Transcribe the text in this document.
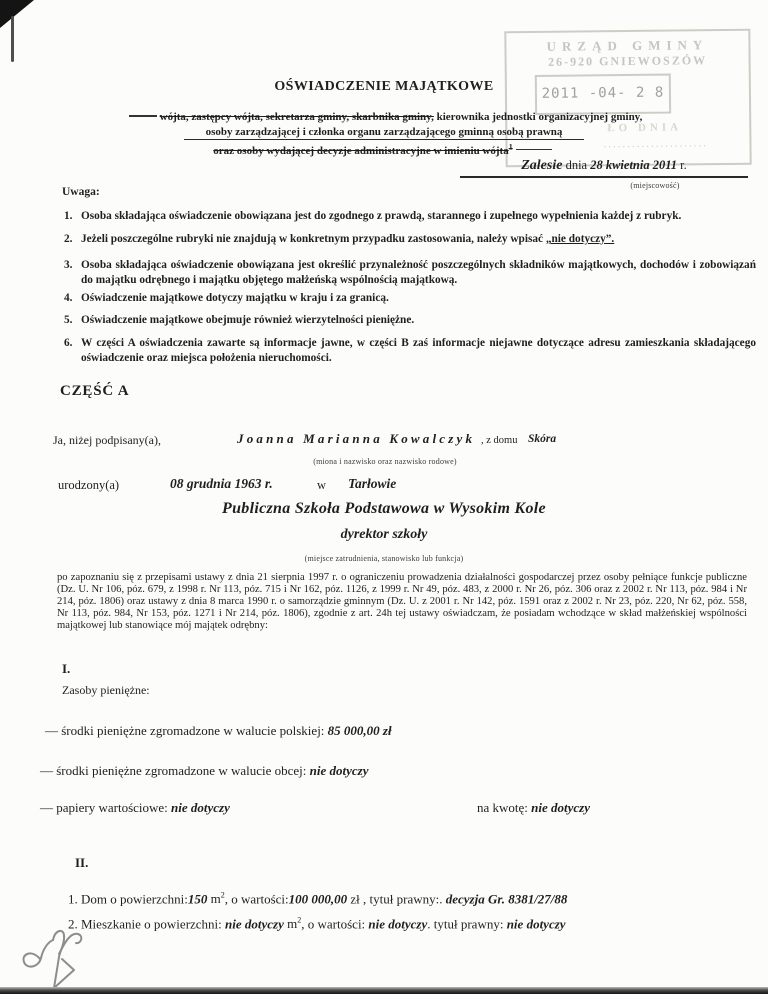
URZĄD GMINY
26-920 GNIEWOSZÓW
2011 -04- 2 8
ŁO DNIA
......................
OŚWIADCZENIE MAJĄTKOWE
wójta, zastępcy wójta, sekretarza gminy, skarbnika gminy, kierownika jednostki organizacyjnej gminy,
osoby zarządzającej i członka organu zarządzającego gminną osobą prawną
oraz osoby wydającej decyzje administracyjne w imieniu wójta$^1$
Zalesie dnia 28 kwietnia 2011 r.
(miejscowość)
Uwaga:
1. Osoba składająca oświadczenie obowiązana jest do zgodnego z prawdą, starannego i zupełnego wypełnienia każdej z rubryk.
2. Jeżeli poszczególne rubryki nie znajdują w konkretnym przypadku zastosowania, należy wpisać „nie dotyczy”.
3. Osoba składająca oświadczenie obowiązana jest określić przynależność poszczególnych składników majątkowych, dochodów i zobowiązań do majątku odrębnego i majątku objętego małżeńską wspólnością majątkową.
4. Oświadczenie majątkowe dotyczy majątku w kraju i za granicą.
5. Oświadczenie majątkowe obejmuje również wierzytelności pieniężne.
6. W części A oświadczenia zawarte są informacje jawne, w części B zaś informacje niejawne dotyczące adresu zamieszkania składającego oświadczenie oraz miejsca położenia nieruchomości.
CZĘŚĆ A
Ja, niżej podpisany(a),	Joanna Marianna Kowalczyk , z domu Skóra
(miona i nazwisko oraz nazwisko rodowe)
urodzony(a)	08 grudnia 1963 r.	w Tarłowie
Publiczna Szkoła Podstawowa w Wysokim Kole
dyrektor szkoły
(miejsce zatrudnienia, stanowisko lub funkcja)
po zapoznaniu się z przepisami ustawy z dnia 21 sierpnia 1997 r. o ograniczeniu prowadzenia działalności gospodarczej przez osoby pełniące funkcje publiczne (Dz. U. Nr 106, póz. 679, z 1998 r. Nr 113, póz. 715 i Nr 162, póz. 1126, z 1999 r. Nr 49, póz. 483, z 2000 r. Nr 26, póz. 306 oraz z 2002 r. Nr 113, póz. 984 i Nr 214, póz. 1806) oraz ustawy z dnia 8 marca 1990 r. o samorządzie gminnym (Dz. U. z 2001 r. Nr 142, póz. 1591 oraz z 2002 r. Nr 23, póz. 220, Nr 62, póz. 558, Nr 113, póz. 984, Nr 153, póz. 1271 i Nr 214, póz. 1806), zgodnie z art. 24h tej ustawy oświadczam, że posiadam wchodzące w skład małżeńskiej wspólności majątkowej lub stanowiące mój majątek odrębny:
I.
Zasoby pieniężne:
— środki pieniężne zgromadzone w walucie polskiej: 85 000,00 zł
— środki pieniężne zgromadzone w walucie obcej: nie dotyczy
— papiery wartościowe: nie dotyczy	na kwotę: nie dotyczy
II.
1. Dom o powierzchni:150 $m^2$, o wartości:100 000,00 zł , tytuł prawny:. decyzja Gr. 8381/27/88
2. Mieszkanie o powierzchni: nie dotyczy $m^2$, o wartości: nie dotyczy. tytuł prawny: nie dotyczy
